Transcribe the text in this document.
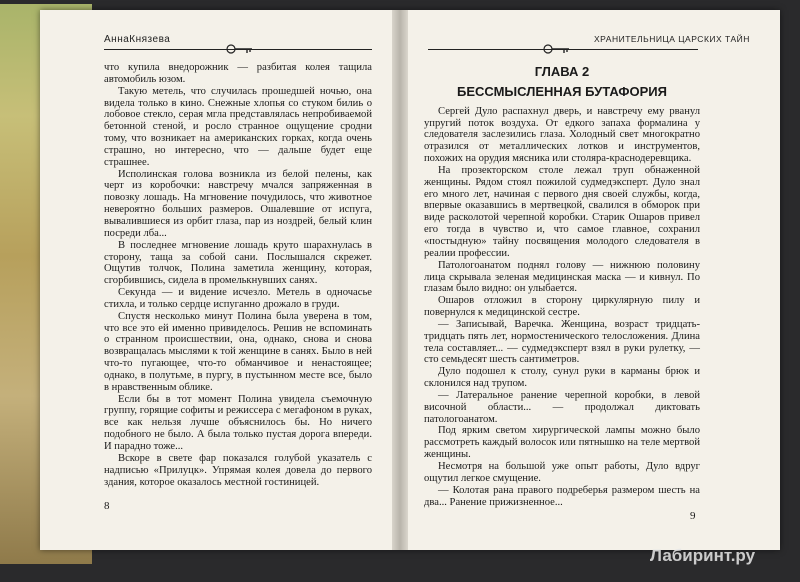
АннаКнязева

что купила внедорожник — разбитая колея тащила автомобиль юзом.

Такую метель, что случилась прошедшей ночью, она видела только в кино. Снежные хлопья со стуком билиь о лобовое стекло, серая мгла представлялась непробиваемой бетонной стеной, и росло странное ощущение сродни тому, что возникает на американских горках, когда очень страшно, но интересно, что — дальше будет еще страшнее.

Исполинская голова возникла из белой пелены, как черт из коробочки: навстречу мчался запряженная в повозку лошадь. На мгновение почудилось, что животное невероятно больших размеров. Ошалевшие от испуга, вывалившиеся из орбит глаза, пар из ноздрей, белый клин посреди лба...

В последнее мгновение лошадь круто шарахнулась в сторону, таща за собой сани. Послышался скрежет. Ощутив толчок, Полина заметила женщину, которая, сгорбившись, сидела в промелькнувших санях.

Секунда — и видение исчезло. Метель в одночасье стихла, и только сердце испуганно дрожало в груди.

Спустя несколько минут Полина была уверена в том, что все это ей именно привиделось. Решив не вспоминать о странном происшествии, она, однако, снова и снова возвращалась мыслями к той женщине в санях. Было в ней что-то пугающее, что-то обманчивое и ненастоящее; однако, в полутьме, в пургу, в пустынном месте все, было в нравственным облике.

Если бы в тот момент Полина увидела съемочную группу, горящие софиты и режиссера с мегафоном в руках, все как нельзя лучше объяснилось бы. Но ничего подобного не было. А была только пустая дорога впереди. И парадно тоже...

Вскоре в свете фар показался голубой указатель с надписью «Прилуцк». Упрямая колея довела до первого здания, которое оказалось местной гостиницей.

8
ХРАНИТЕЛЬНИЦА ЦАРСКИХ ТАЙН
ГЛАВА 2
БЕССМЫСЛЕННАЯ БУТАФОРИЯ

Сергей Дуло распахнул дверь, и навстречу ему рванул упругий поток воздуха. От едкого запаха формалина у следователя заслезились глаза. Холодный свет многократно отразился от металлических лотков и инструментов, похожих на орудия мясника или столяра-краснодеревщика.

На прозекторском столе лежал труп обнаженной женщины. Рядом стоял пожилой судмедэксперт. Дуло знал его много лет, начиная с первого дня своей службы, когда, впервые оказавшись в мертвецкой, свалился в обморок при виде расколотой черепной коробки. Старик Ошаров привел его тогда в чувство и, что самое главное, сохранил «постыдную» тайну посвящения молодого следователя в реалии профессии.

Патологоанатом поднял голову — нижнюю половину лица скрывала зеленая медицинская маска — и кивнул. По глазам было видно: он улыбается.

Ошаров отложил в сторону циркулярную пилу и повернулся к медицинской сестре.

— Записывай, Варечка. Женщина, возраст тридцать-тридцать пять лет, нормостенического телосложения. Длина тела составляет... — судмедэксперт взял в руки рулетку, — сто семьдесят шесть сантиметров.

Дуло подошел к столу, сунул руки в карманы брюк и склонился над трупом.

— Латеральное ранение черепной коробки, в левой височной области... — продолжал диктовать патологоанатом.

Под ярким светом хирургической лампы можно было рассмотреть каждый волосок или пятнышко на теле мертвой женщины.

Несмотря на большой уже опыт работы, Дуло вдруг ощутил легкое смущение.

— Колотая рана правого подреберья размером шесть на два... Ранение прижизненное...

9
Лабиринт.ру
